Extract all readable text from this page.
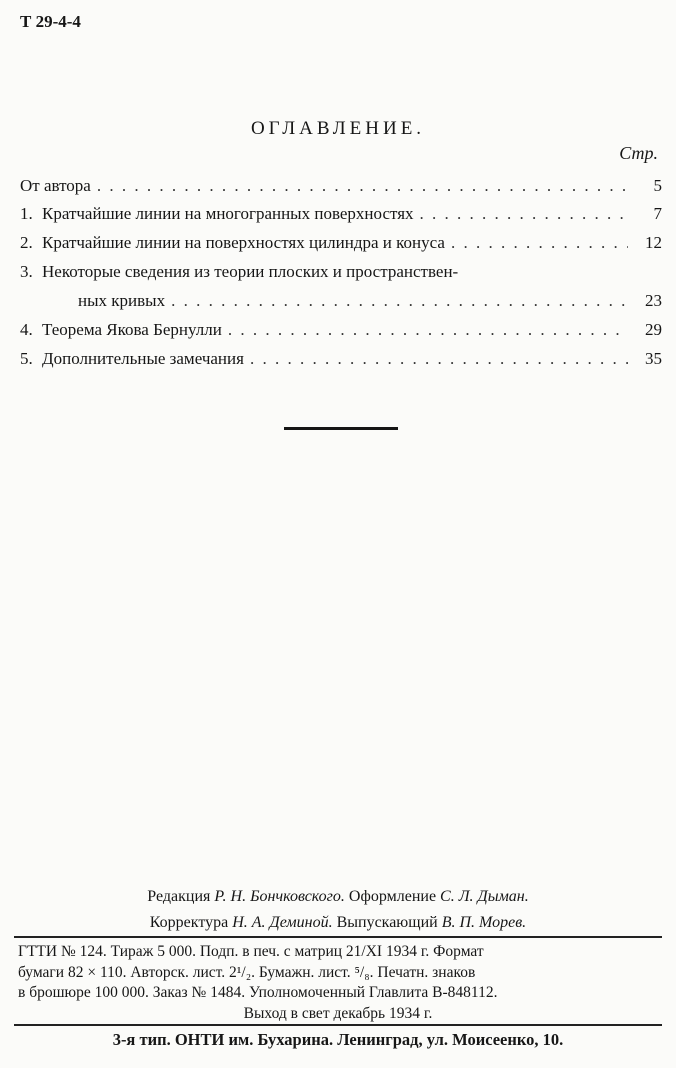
Т 29-4-4
ОГЛАВЛЕНИЕ.
Стр.
От автора . . .	5
1. Кратчайшие линии на многогранных поверхностях . . .	7
2. Кратчайшие линии на поверхностях цилиндра и конуса . . .	12
3. Некоторые сведения из теории плоских и пространствен-
ных кривых . . .	23
4. Теорема Якова Бернулли . . .	29
5. Дополнительные замечания . . .	35
Редакция Р. Н. Бончковского. Оформление С. Л. Дыман.
Корректура Н. А. Деминой. Выпускающий В. П. Морев.
ГТТИ № 124. Тираж 5 000. Подп. в печ. с матриц 21/XI 1934 г. Формат
бумаги 82 × 110. Авторск. лист. 2¹/₂. Бумажн. лист. ⁵/₈. Печатн. знаков
в брошюре 100 000. Заказ № 1484. Уполномоченный Главлита В-848112.
Выход в свет декабрь 1934 г.
3-я тип. ОНТИ им. Бухарина. Ленинград, ул. Моисеенко, 10.
